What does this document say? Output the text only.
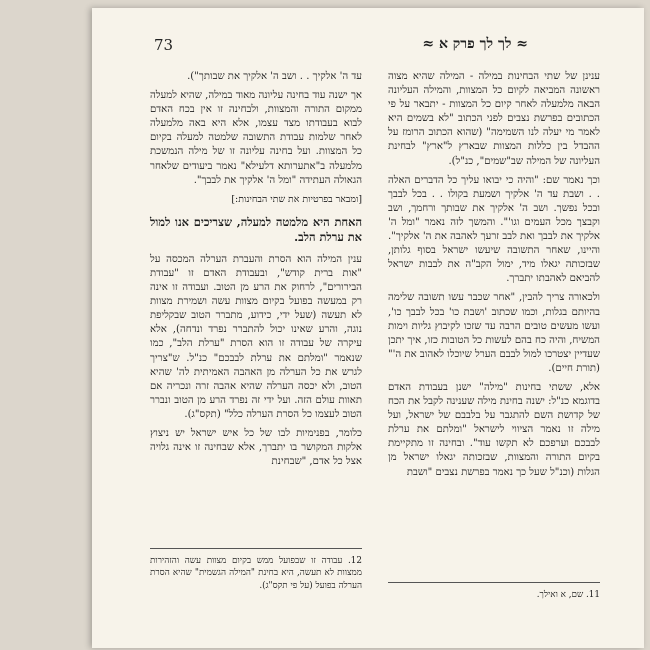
73	≈ לך לך פרק א ≈

ענינן של שתי הבחינות במילה - המילה שהיא מצוה ראשונה המביאה לקיום כל המצוות, והמילה העליונה הבאה מלמעלה לאחר קיום כל המצוות - יתבאר על פי הכתובים בפרשת נצבים לפני הכתוב "לא בשמים היא לאמר מי יעלה לנו השמימה" (שהוא הכתוב הרומז על ההבדל בין כללות המצוות שבארץ ל"ארץ" לבחינת העליונה של המילה שב"שמים", כנ"ל).

וכך נאמר שם: "והיה כי יבואו עליך כל הדברים האלה . . ושבת עד ה' אלקיך ושמעת בקולו . . בכל לבבך ובכל נפשך. ושב ה' אלקיך את שבותך ורחמך, ושב וקבצך מכל העמים וגו'". והמשך לזה נאמר "ומל ה' אלקיך את לבבך ואת לבב זרעך לאהבה את ה' אלקיך". והיינו, שאחר התשובה שיעשו ישראל בסוף גלותן, שבזכותה יגאלו מיד, ימול הקב"ה את לבבות ישראל להביאם לאהבתו יתברך.

ולכאורה צריך להבין, "אחר שכבר עשו תשובה שלימה בהיותם בגלות, וכמו שכתוב 'ושבת כו' בכל לבבך כו', ועשו מעשים טובים הרבה עד שזכו לקיבוץ גליות וימות המשיח, והיה כח בהם לעשות כל הטובות כזו, איך יתכן שעדיין יצטרכו למול לבבם הערל שיוכלו לאהוב את ה'" (תורת חיים).

אלא, ששתי בחינות "מילה" ישנן בעבודת האדם בדוגמא כנ"ל: ישנה בחינת מילה שענינה לקבל את הכח של קדושת השם להתגבר על בלבבם של ישראל, ועל מילה זו נאמר הציווי לישראל "ומלתם את ערלת לבבכם וערפכם לא תקשו עוד". ובחינה זו מתקיימת בקיום התורה והמצוות, שבזכותה יגאלו ישראל מן הגלות (וכנ"ל שעל כך נאמר בפרשת נצבים "ושבת

עד ה' אלקיך . . ושב ה' אלקיך את שבותך").

אך ישנה עוד בחינה עליונה מאוד במילה, שהיא למעלה ממקום התורה והמצוות, ולבחינה זו אין בכח האדם לבוא בעבודתו מצד עצמו, אלא היא באה מלמעלה לאחר שלמות עבודת התשובה שלמטה למעלה בקיום כל המצוות. ועל בחינה עליונה זו של מילה הנמשכת מלמעלה ב"אתערותא דלעילא" נאמר ביעודים שלאחר הגאולה העתידה "ומל ה' אלקיך את לבבך".

[ומבאר בפרטיות את שתי הבחינות:]

האחת היא מלמטה למעלה, שצריכים אנו למול את ערלת הלב.

ענין המילה הוא הסרת והעברת הערלה המכסה על "אות ברית קודש", ובעבודת האדם זו "עבודת הבירורים", לרחוק את הרע מן הטוב. ועבודה זו אינה רק במעשה בפועל בקיום מצוות עשה ושמירת מצוות לא תעשה (שעל ידי, כידוע, מתברר הטוב שבקליפת נוגה, והרע שאינו יכול להתברר נפרד ונדחה), אלא עיקרה של עבודה זו הוא הסרת "ערלת הלב", כמו שנאמר "ומלתם את ערלת לבבכם" כנ"ל. ש"צריך לגרש את כל הערלה מן האהבה האמיתית לה' שהיא הטוב, ולא יכסה הערלה שהיא אהבה זרה ונכריה אם תאוות עולם הזה. ועל ידי זה נפרד הרע מן הטוב ונברר הטוב לעצמו כל הסרת הערלה כלל" (תקס"ג).

כלומר, בפנימיות לבו של כל איש ישראל יש ניצוץ אלקות המקושר בו יתברך, אלא שבחינה זו אינה גלויה אצל כל אדם, "שבחינת

12. עבודה זו שבפועל ממש בקיום מצוות עשה והזהירות ממצוות לא תעשה, היא בחינת "המילה הגשמית" שהיא הסרת הערלה בפועל (על פי תקס"ג).
11. שם, א ואילך.
